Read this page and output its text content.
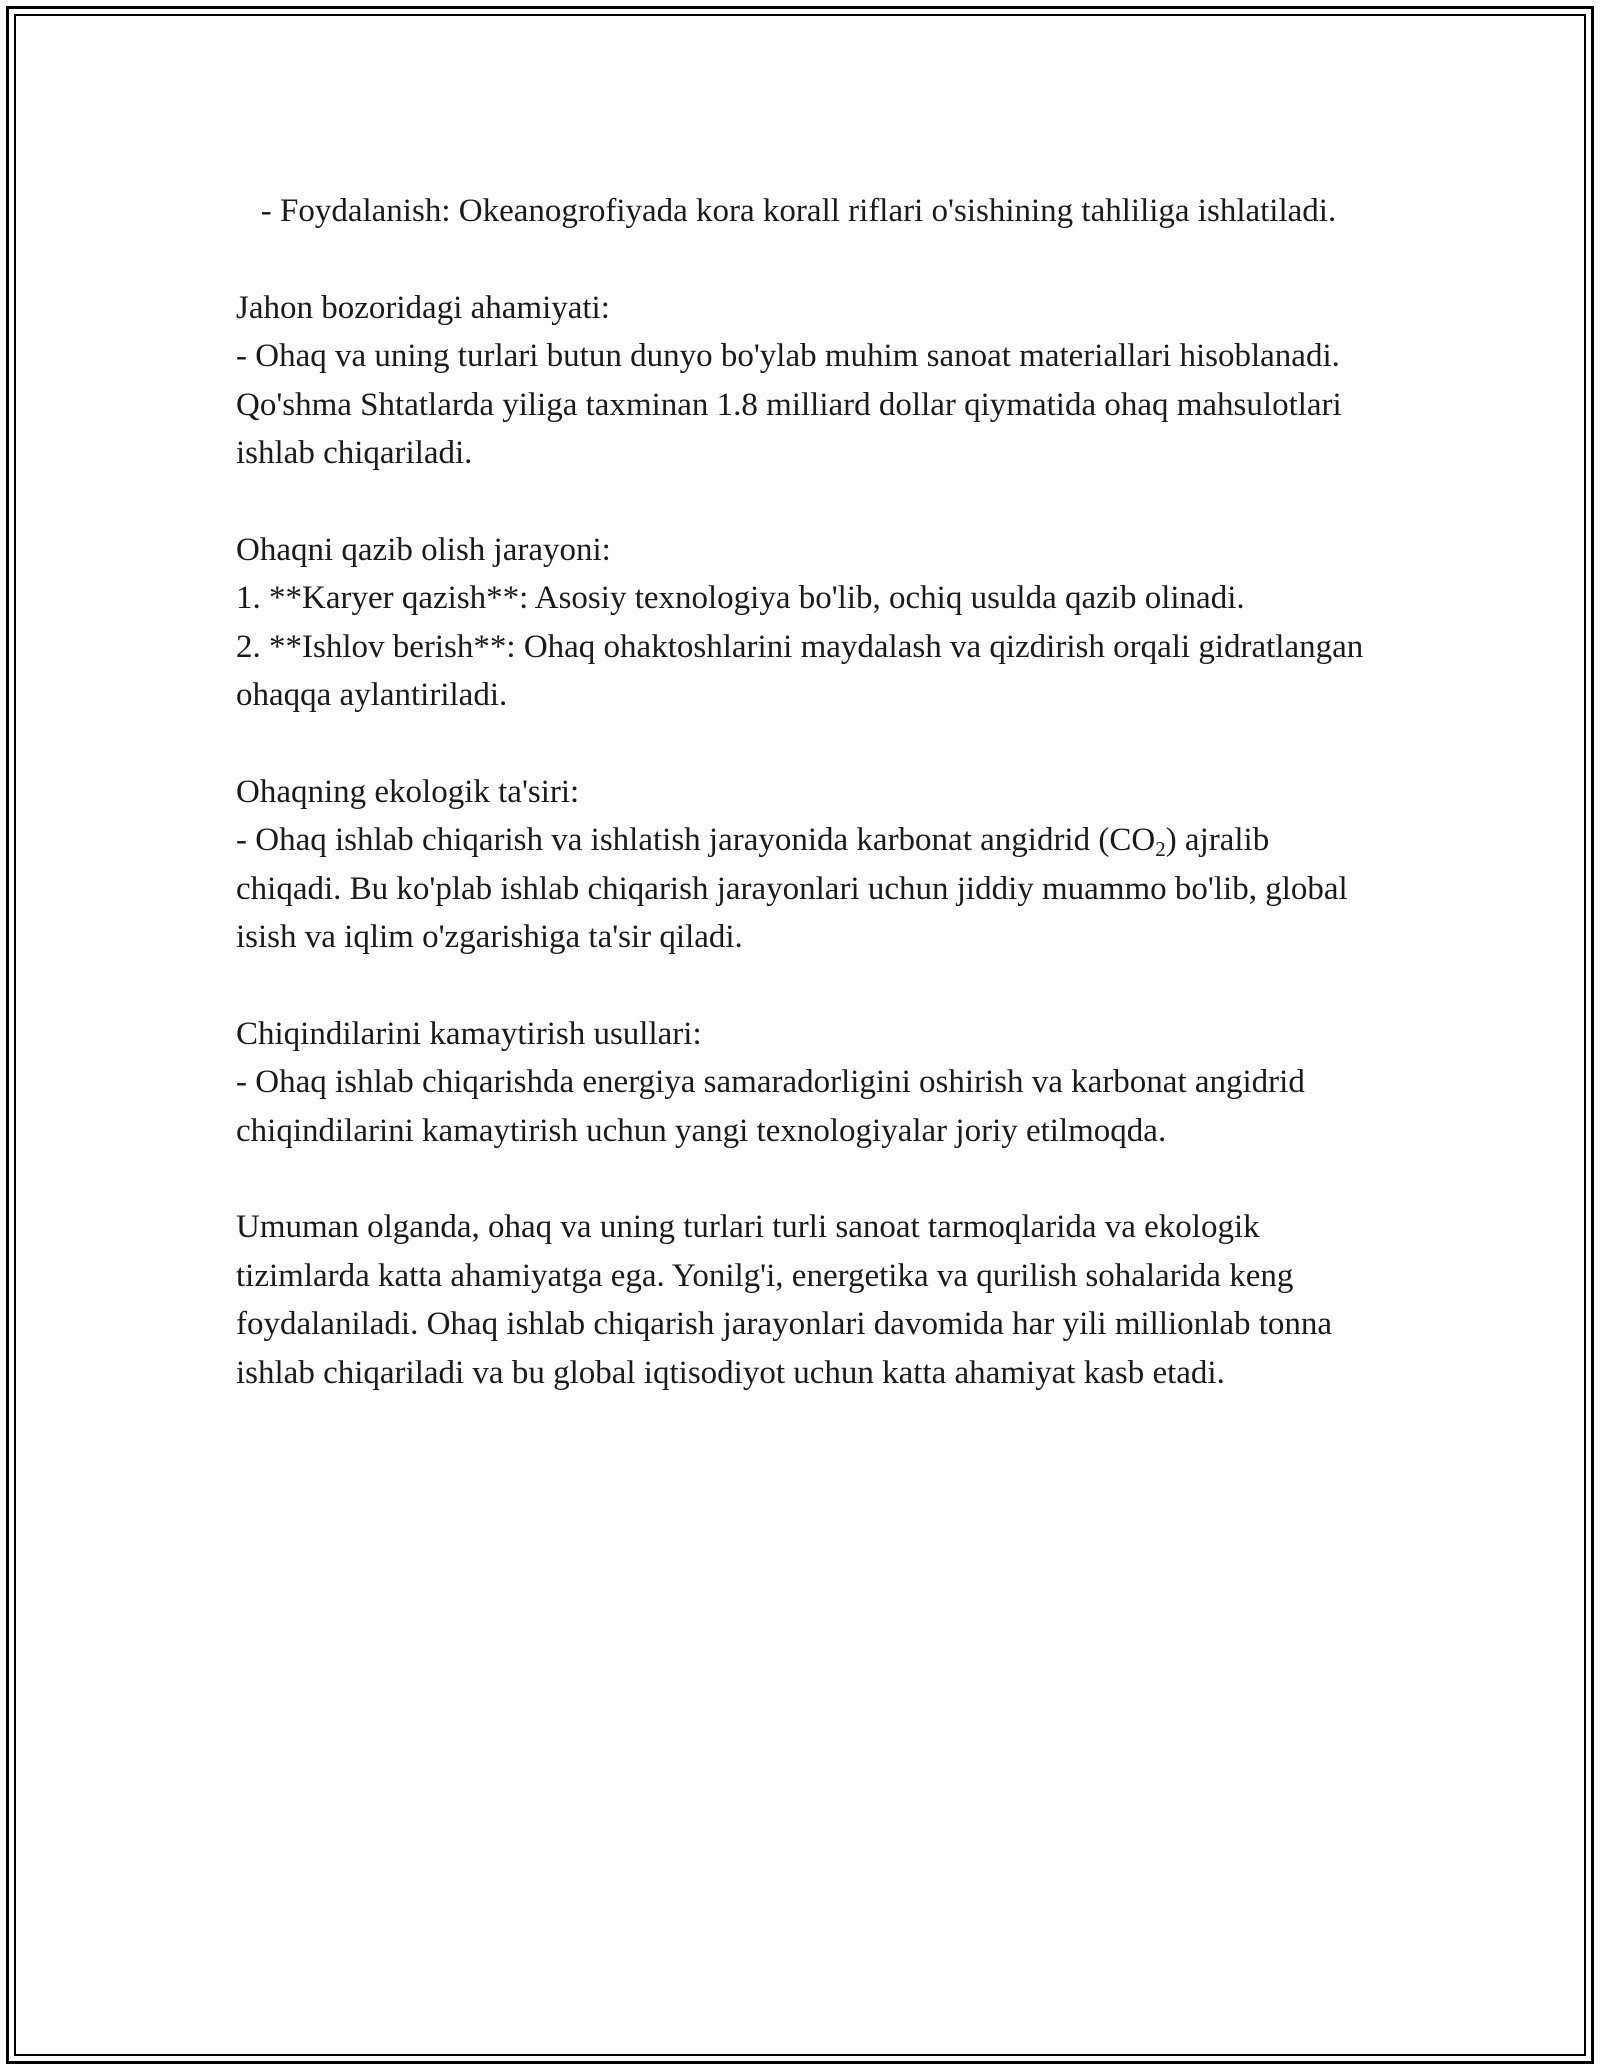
- Foydalanish: Okeanogrofiyada kora korall riflari o'sishining tahliliga ishlatiladi.

Jahon bozoridagi ahamiyati:

- Ohaq va uning turlari butun dunyo bo'ylab muhim sanoat materiallari hisoblanadi. Qo'shma Shtatlarda yiliga taxminan 1.8 milliard dollar qiymatida ohaq mahsulotlari ishlab chiqariladi.

Ohaqni qazib olish jarayoni:

1. **Karyer qazish**: Asosiy texnologiya bo'lib, ochiq usulda qazib olinadi.

2. **Ishlov berish**: Ohaq ohaktoshlarini maydalash va qizdirish orqali gidratlangan ohaqqa aylantiriladi.

Ohaqning ekologik ta'siri:

- Ohaq ishlab chiqarish va ishlatish jarayonida karbonat angidrid $(CO_2)$ ajralib chiqadi. Bu ko'plab ishlab chiqarish jarayonlari uchun jiddiy muammo bo'lib, global isish va iqlim o'zgarishiga ta'sir qiladi.

Chiqindilarini kamaytirish usullari:

- Ohaq ishlab chiqarishda energiya samaradorligini oshirish va karbonat angidrid chiqindilarini kamaytirish uchun yangi texnologiyalar joriy etilmoqda.

Umuman olganda, ohaq va uning turlari turli sanoat tarmoqlarida va ekologik tizimlarda katta ahamiyatga ega. Yonilg'i, energetika va qurilish sohalarida keng foydalaniladi. Ohaq ishlab chiqarish jarayonlari davomida har yili millionlab tonna ishlab chiqariladi va bu global iqtisodiyot uchun katta ahamiyat kasb etadi.
